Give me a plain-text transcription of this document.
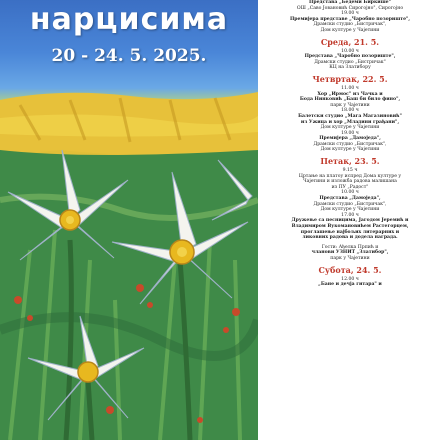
нарцисима
20 - 24. 5. 2025.
Представа „Бедеми Биркише"
ОШ „Саво Јовановић Сирогојно", Сирогојно
19.00 ч
Премијера представе „Чаробно позориште",
Драмски студио „Бистричак",
Дом културе у Чајетини
Среда, 21. 5.
10.00 ч
Представа „Чаробно позориште",
Драмски студио „Бистричак"
КЦ на Златибору
Четвртак, 22. 5.
11.00 ч
Хор „Ирмос" из Чачка и
Бода Нинковић „Баш би било фино",
парк у Чајетини
18.00 ч
Балетски студио „Мага Магазиновић"
из Ужица и хор „Младини грађани",
Дом културе у Чајетини
19.00 ч
Премијера „Дамоједа",
Драмски студио „Бистричак",
Дом културе у Чајетини
Петак, 23. 5.
9.15 ч
Цртање на платоу испред Дома културе у
Чајетини и изложба радова малишана
из ПУ „Радост"
10.00 ч
Представа „Дамоједа",
Драмски студио „Бистричак",
Дом културе у Чајетини
17.00 ч
Дружење са песницима, Јагодом Јеремић и
Владимиром Вукомановићем Растегорцем,
проглашење најбољих литерарних и
ликовних радова и додела награда.
Гости: Ађелка Прпић и
чланови УЗНИТ „Златибор",
парк у Чајетини
Субота, 24. 5.
12.00 ч
„Бане и дечја гитара" и
